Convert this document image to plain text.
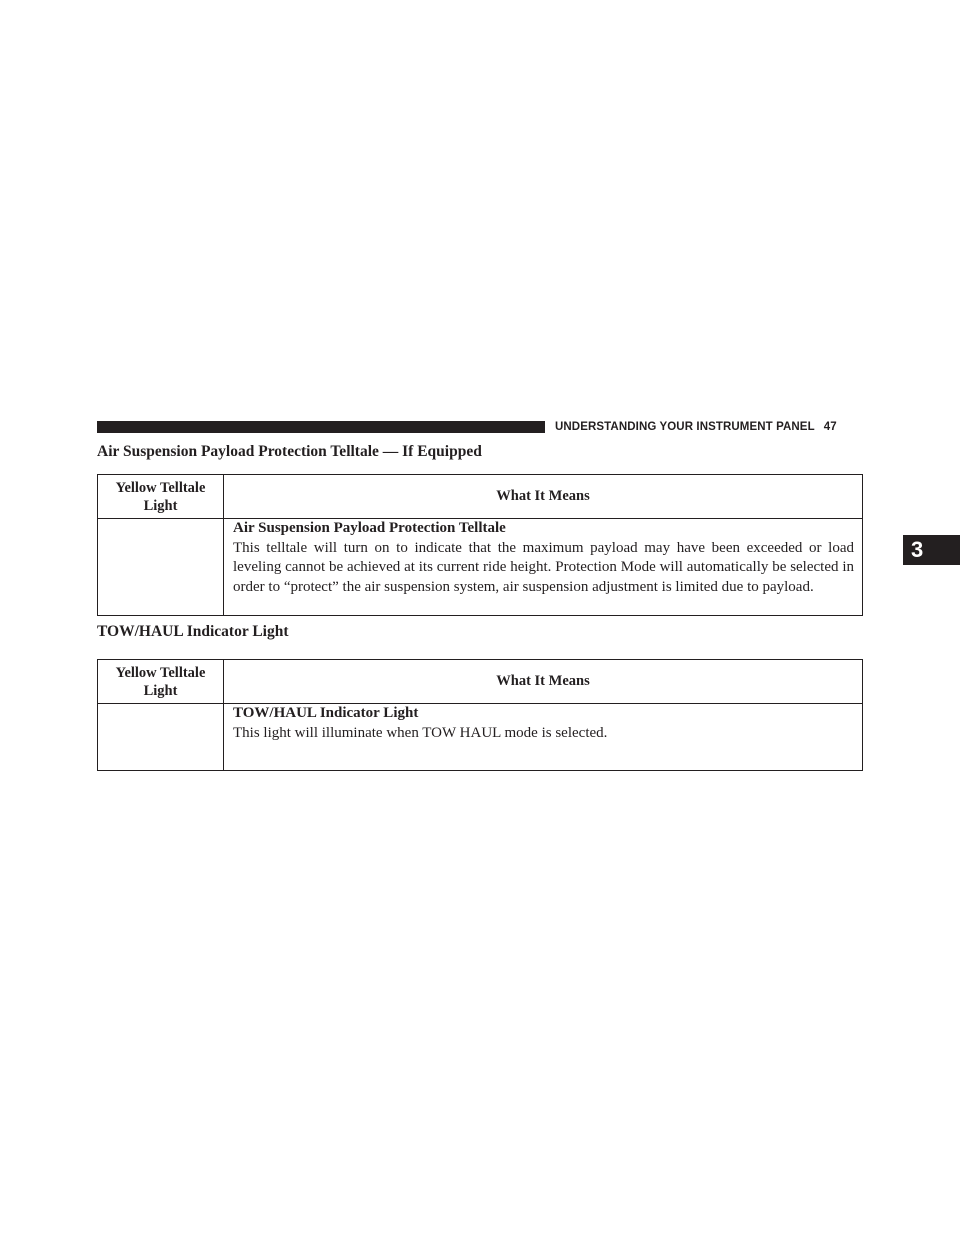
UNDERSTANDING YOUR INSTRUMENT PANEL 47
3
Air Suspension Payload Protection Telltale — If Equipped
Yellow Telltale Light	What It Means

	Air Suspension Payload Protection Telltale
This telltale will turn on to indicate that the maximum payload may have been exceeded or load leveling cannot be achieved at its current ride height. Protection Mode will automatically be selected in order to “protect” the air suspension system, air suspension adjustment is limited due to payload.
TOW/HAUL Indicator Light
Yellow Telltale Light	What It Means

	TOW/HAUL Indicator Light
This light will illuminate when TOW HAUL mode is selected.
